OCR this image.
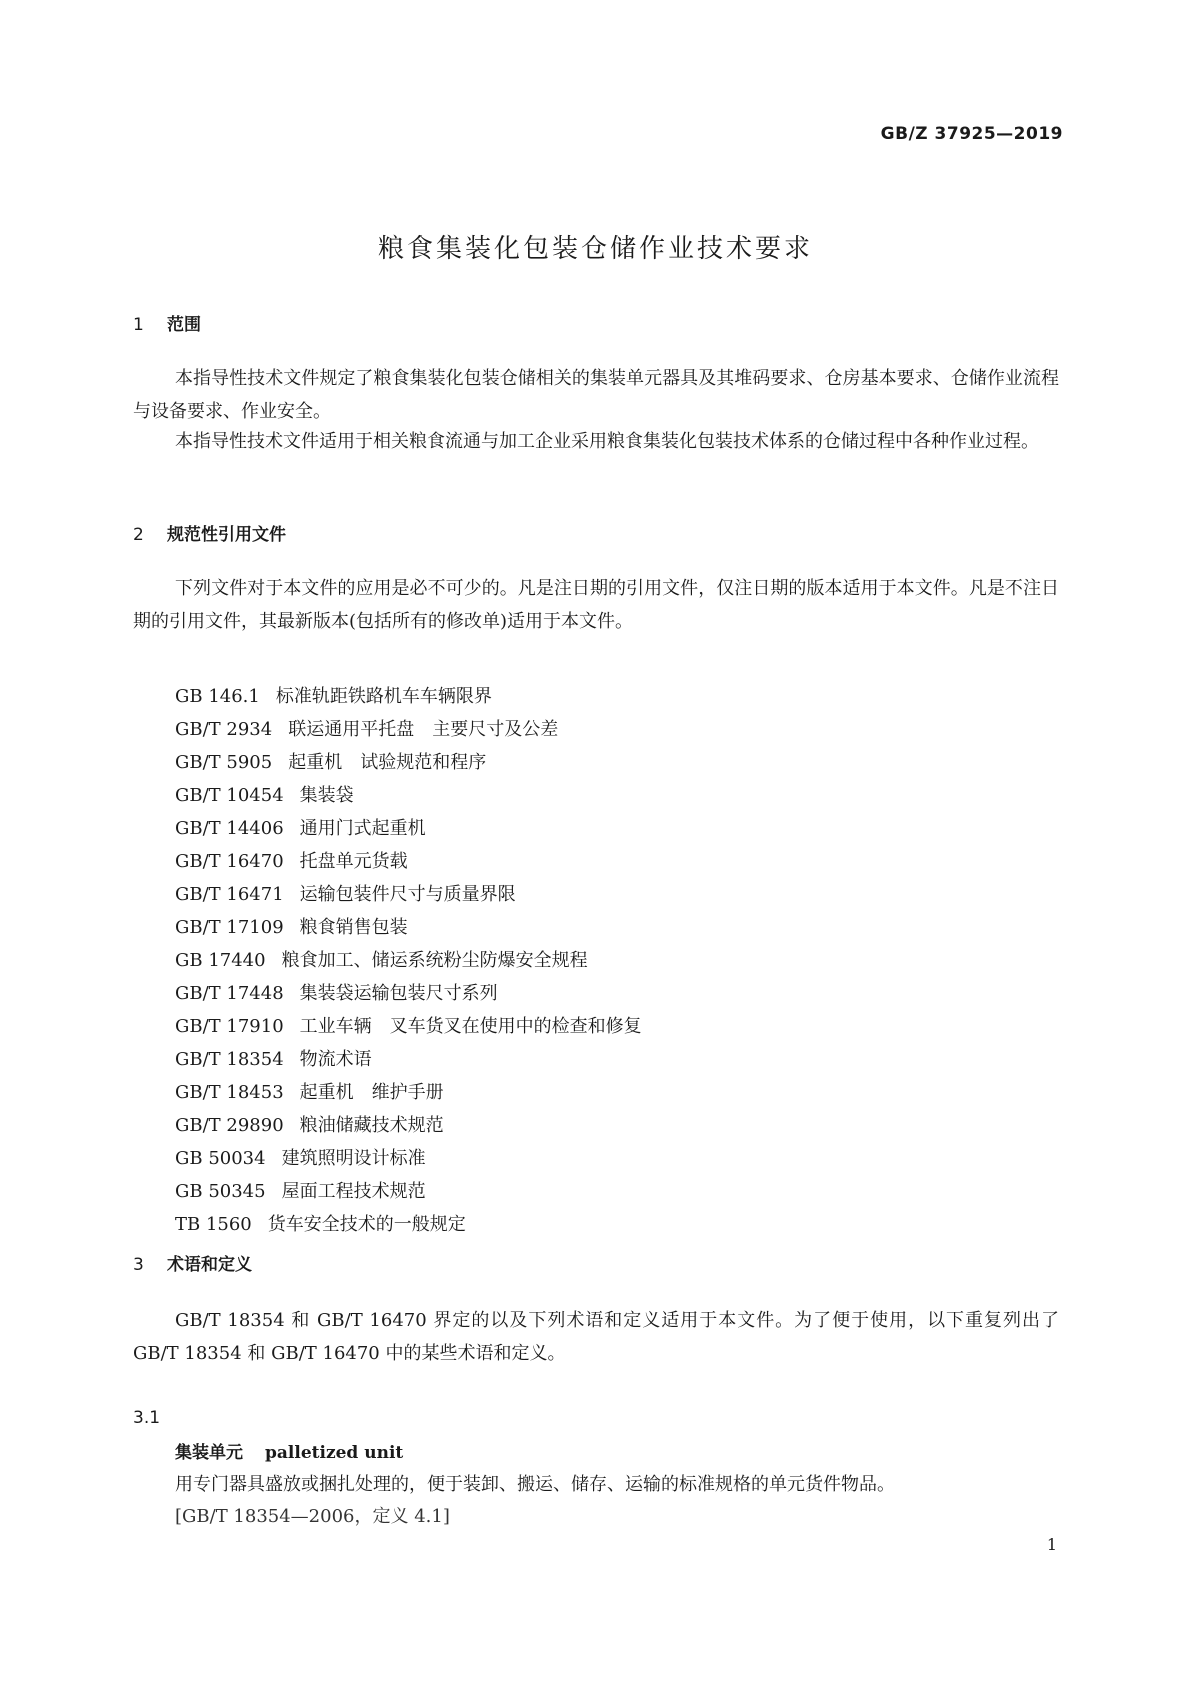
GB/Z 37925—2019
粮食集装化包装仓储作业技术要求
1 范围

本指导性技术文件规定了粮食集装化包装仓储相关的集装单元器具及其堆码要求、仓房基本要求、仓储作业流程与设备要求、作业安全。

本指导性技术文件适用于相关粮食流通与加工企业采用粮食集装化包装技术体系的仓储过程中各种作业过程。

2 规范性引用文件

下列文件对于本文件的应用是必不可少的。凡是注日期的引用文件，仅注日期的版本适用于本文件。凡是不注日期的引用文件，其最新版本(包括所有的修改单)适用于本文件。

GB 146.1 标准轨距铁路机车车辆限界
GB/T 2934 联运通用平托盘　主要尺寸及公差
GB/T 5905 起重机　试验规范和程序
GB/T 10454 集装袋
GB/T 14406 通用门式起重机
GB/T 16470 托盘单元货载
GB/T 16471 运输包装件尺寸与质量界限
GB/T 17109 粮食销售包装
GB 17440 粮食加工、储运系统粉尘防爆安全规程
GB/T 17448 集装袋运输包装尺寸系列
GB/T 17910 工业车辆　叉车货叉在使用中的检查和修复
GB/T 18354 物流术语
GB/T 18453 起重机　维护手册
GB/T 29890 粮油储藏技术规范
GB 50034 建筑照明设计标准
GB 50345 屋面工程技术规范
TB 1560 货车安全技术的一般规定
3 术语和定义

GB/T 18354 和 GB/T 16470 界定的以及下列术语和定义适用于本文件。为了便于使用，以下重复列出了 GB/T 18354 和 GB/T 16470 中的某些术语和定义。

3.1

集装单元 palletized unit

用专门器具盛放或捆扎处理的，便于装卸、搬运、储存、运输的标准规格的单元货件物品。

[GB/T 18354—2006，定义 4.1]

1
